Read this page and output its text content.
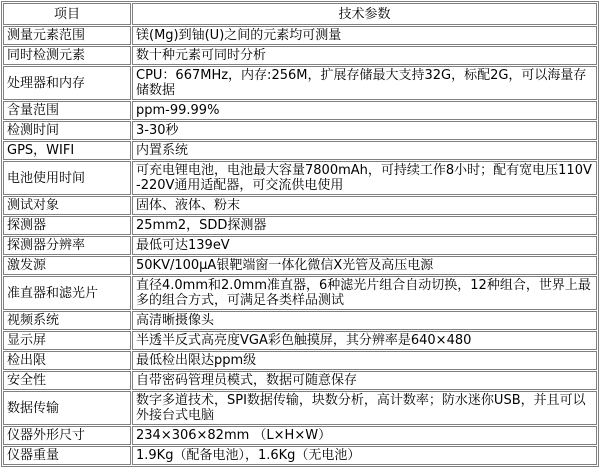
项目	技术参数
测量元素范围	镁(Mg)到铀(U)之间的元素均可测量
同时检测元素	数十种元素可同时分析
处理器和内存	CPU：667MHz，内存:256M，扩展存储最大支持32G，标配2G，可以海量存储数据
含量范围	ppm-99.99%
检测时间	3-30秒
GPS，WIFI	内置系统
电池使用时间	可充电锂电池，电池最大容量7800mAh，可持续工作8小时；配有宽电压110V-220V通用适配器，可交流供电使用
测试对象	固体、液体、粉末
探测器	25mm2，SDD探测器
探测器分辨率	最低可达139eV
激发源	50KV/100μA银靶端窗一体化微信X光管及高压电源
准直器和滤光片	直径4.0mm和2.0mm准直器，6种滤光片组合自动切换，12种组合，世界上最多的组合方式，可满足各类样品测试
视频系统	高清晰摄像头
显示屏	半透半反式高亮度VGA彩色触摸屏，其分辨率是640×480
检出限	最低检出限达ppm级
安全性	自带密码管理员模式，数据可随意保存
数据传输	数字多道技术，SPI数据传输，块数分析，高计数率；防水迷你USB，并且可以外接台式电脑
仪器外形尺寸	234×306×82mm （L×H×W）
仪器重量	1.9Kg（配备电池），1.6Kg（无电池）
